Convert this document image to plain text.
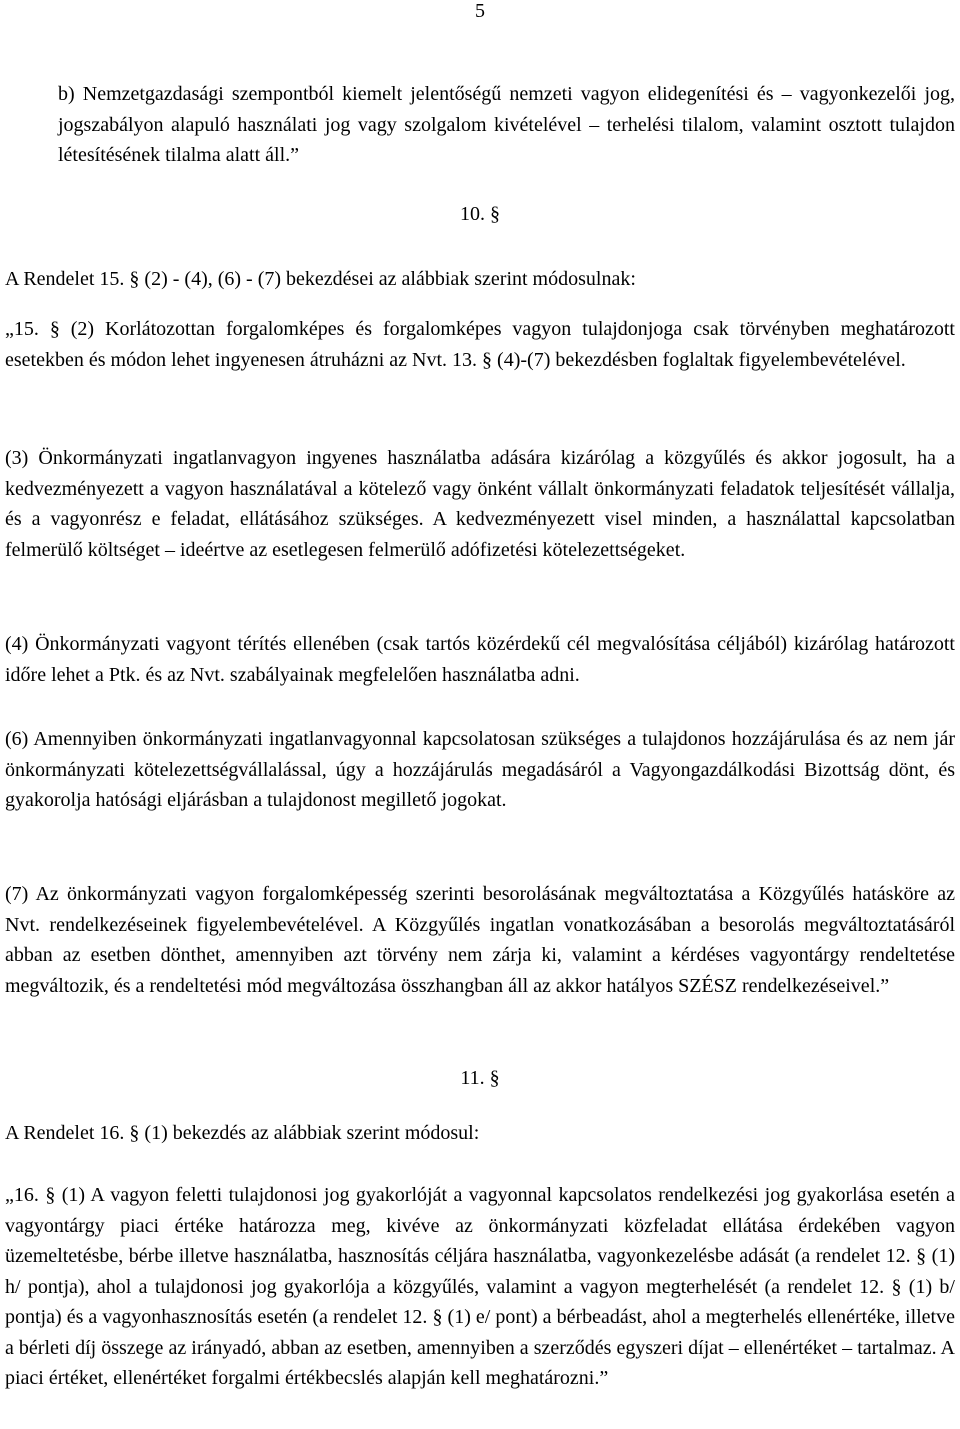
5
b) Nemzetgazdasági szempontból kiemelt jelentőségű nemzeti vagyon elidegenítési és – vagyonkezelői jog, jogszabályon alapuló használati jog vagy szolgalom kivételével – terhelési tilalom, valamint osztott tulajdon létesítésének tilalma alatt áll.”
10. §
A Rendelet 15. § (2) - (4), (6) - (7) bekezdései az alábbiak szerint módosulnak:
„15. § (2) Korlátozottan forgalomképes és forgalomképes vagyon tulajdonjoga csak törvényben meghatározott esetekben és módon lehet ingyenesen átruházni az Nvt. 13. § (4)-(7) bekezdésben foglaltak figyelembevételével.
(3) Önkormányzati ingatlanvagyon ingyenes használatba adására kizárólag a közgyűlés és akkor jogosult, ha a kedvezményezett a vagyon használatával a kötelező vagy önként vállalt önkormányzati feladatok teljesítését vállalja, és a vagyonrész e feladat, ellátásához szükséges. A kedvezményezett visel minden, a használattal kapcsolatban felmerülő költséget – ideértve az esetlegesen felmerülő adófizetési kötelezettségeket.
(4) Önkormányzati vagyont térítés ellenében (csak tartós közérdekű cél megvalósítása céljából) kizárólag határozott időre lehet a Ptk. és az Nvt. szabályainak megfelelően használatba adni.
(6) Amennyiben önkormányzati ingatlanvagyonnal kapcsolatosan szükséges a tulajdonos hozzájárulása és az nem jár önkormányzati kötelezettségvállalással, úgy a hozzájárulás megadásáról a Vagyongazdálkodási Bizottság dönt, és gyakorolja hatósági eljárásban a tulajdonost megillető jogokat.
(7) Az önkormányzati vagyon forgalomképesség szerinti besorolásának megváltoztatása a Közgyűlés hatásköre az Nvt. rendelkezéseinek figyelembevételével. A Közgyűlés ingatlan vonatkozásában a besorolás megváltoztatásáról abban az esetben dönthet, amennyiben azt törvény nem zárja ki, valamint a kérdéses vagyontárgy rendeltetése megváltozik, és a rendeltetési mód megváltozása összhangban áll az akkor hatályos SZÉSZ rendelkezéseivel.”
11. §
A Rendelet 16. § (1) bekezdés az alábbiak szerint módosul:
„16. § (1) A vagyon feletti tulajdonosi jog gyakorlóját a vagyonnal kapcsolatos rendelkezési jog gyakorlása esetén a vagyontárgy piaci értéke határozza meg, kivéve az önkormányzati közfeladat ellátása érdekében vagyon üzemeltetésbe, bérbe illetve használatba, hasznosítás céljára használatba, vagyonkezelésbe adását (a rendelet 12. § (1) h/ pontja), ahol a tulajdonosi jog gyakorlója a közgyűlés, valamint a vagyon megterhelését (a rendelet 12. § (1) b/ pontja) és a vagyonhasznosítás esetén (a rendelet 12. § (1) e/ pont) a bérbeadást, ahol a megterhelés ellenértéke, illetve a bérleti díj összege az irányadó, abban az esetben, amennyiben a szerződés egyszeri díjat – ellenértéket – tartalmaz. A piaci értéket, ellenértéket forgalmi értékbecslés alapján kell meghatározni.”
